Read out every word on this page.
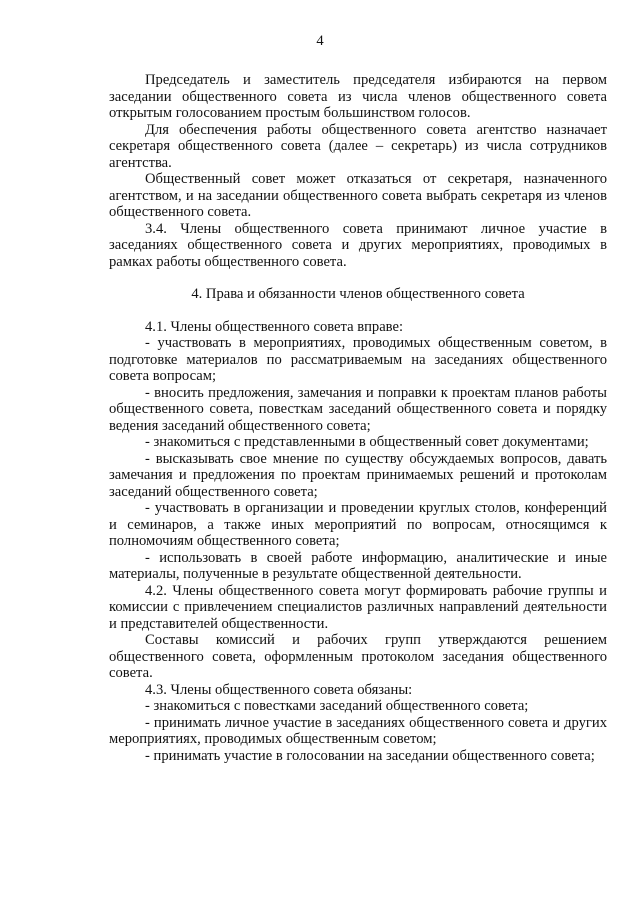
4

Председатель и заместитель председателя избираются на первом заседании общественного совета из числа членов общественного совета открытым голосованием простым большинством голосов.

Для обеспечения работы общественного совета агентство назначает секретаря общественного совета (далее – секретарь) из числа сотрудников агентства.

Общественный совет может отказаться от секретаря, назначенного агентством, и на заседании общественного совета выбрать секретаря из членов общественного совета.

3.4. Члены общественного совета принимают личное участие в заседаниях общественного совета и других мероприятиях, проводимых в рамках работы общественного совета.

4. Права и обязанности членов общественного совета

4.1. Члены общественного совета вправе:

- участвовать в мероприятиях, проводимых общественным советом, в подготовке материалов по рассматриваемым на заседаниях общественного совета вопросам;

- вносить предложения, замечания и поправки к проектам планов работы общественного совета, повесткам заседаний общественного совета и порядку ведения заседаний общественного совета;

- знакомиться с представленными в общественный совет документами;

- высказывать свое мнение по существу обсуждаемых вопросов, давать замечания и предложения по проектам принимаемых решений и протоколам заседаний общественного совета;

- участвовать в организации и проведении круглых столов, конференций и семинаров, а также иных мероприятий по вопросам, относящимся к полномочиям общественного совета;

- использовать в своей работе информацию, аналитические и иные материалы, полученные в результате общественной деятельности.

4.2. Члены общественного совета могут формировать рабочие группы и комиссии с привлечением специалистов различных направлений деятельности и представителей общественности.

Составы комиссий и рабочих групп утверждаются решением общественного совета, оформленным протоколом заседания общественного совета.

4.3. Члены общественного совета обязаны:

- знакомиться с повестками заседаний общественного совета;

- принимать личное участие в заседаниях общественного совета и других мероприятиях, проводимых общественным советом;

- принимать участие в голосовании на заседании общественного совета;
